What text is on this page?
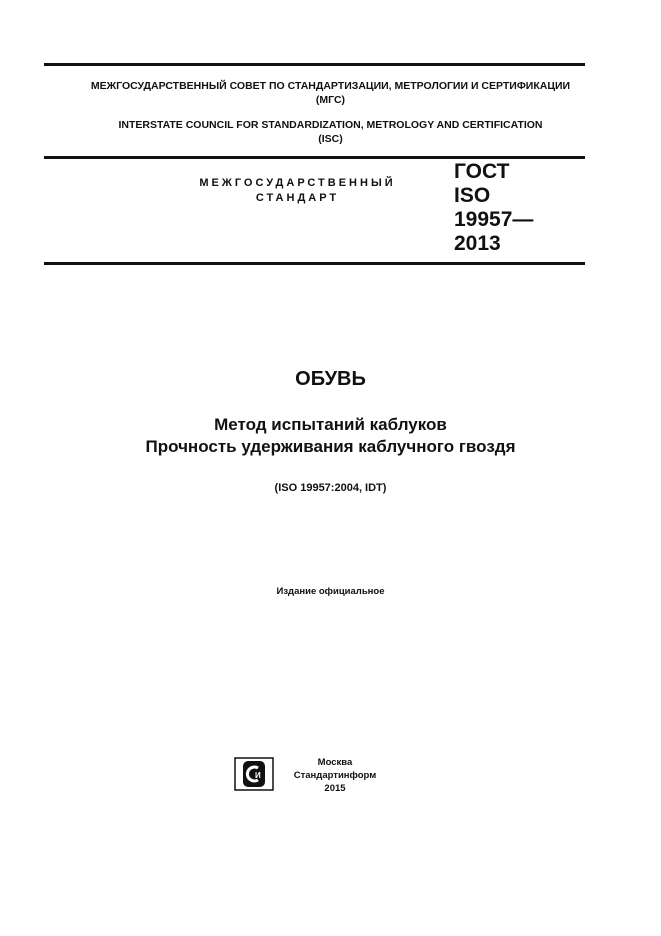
МЕЖГОСУДАРСТВЕННЫЙ СОВЕТ ПО СТАНДАРТИЗАЦИИ, МЕТРОЛОГИИ И СЕРТИФИКАЦИИ
(МГС)
INTERSTATE COUNCIL FOR STANDARDIZATION, METROLOGY AND CERTIFICATION
(ISC)
МЕЖГОСУДАРСТВЕННЫЙ
СТАНДАРТ
ГОСТ
ISO
19957—
2013
ОБУВЬ
Метод испытаний каблуков
Прочность удерживания каблучного гвоздя
(ISO 19957:2004, IDT)
Издание официальное
И
Москва
Стандартинформ
2015
